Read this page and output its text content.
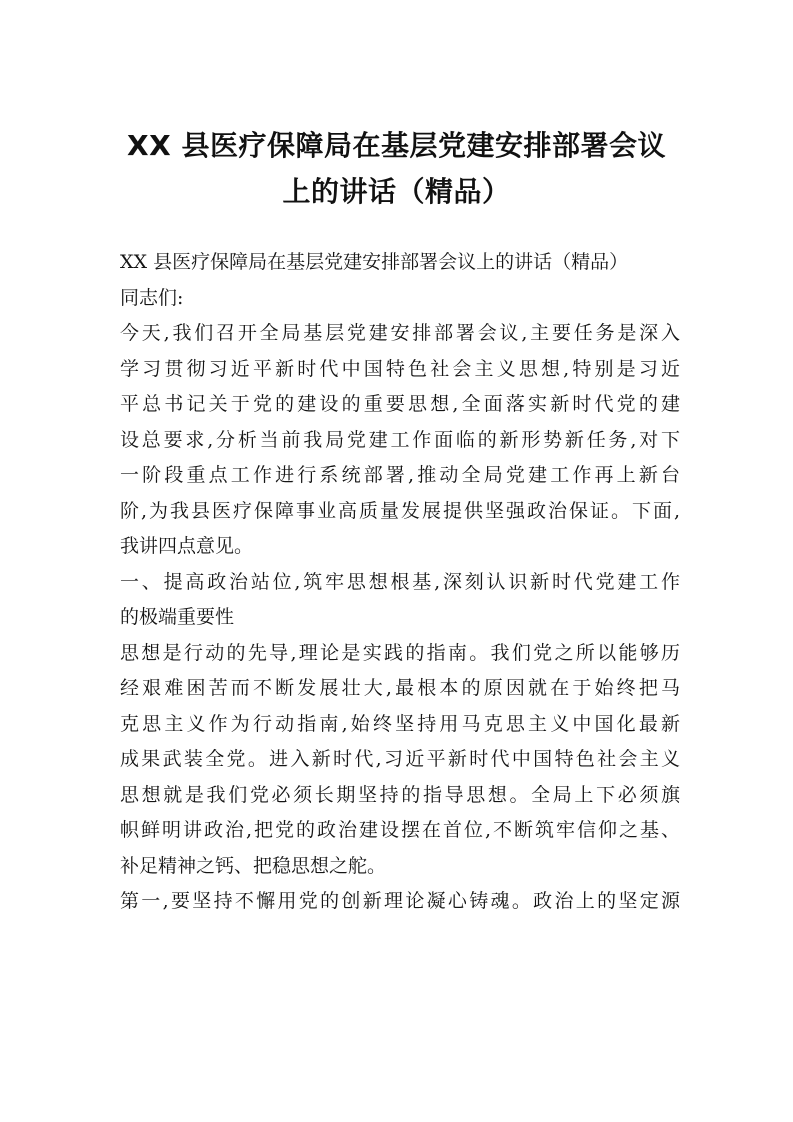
XX 县医疗保障局在基层党建安排部署会议
上的讲话（精品）
XX 县医疗保障局在基层党建安排部署会议上的讲话（精品）
同志们:
今天,我们召开全局基层党建安排部署会议,主要任务是深入
学习贯彻习近平新时代中国特色社会主义思想,特别是习近
平总书记关于党的建设的重要思想,全面落实新时代党的建
设总要求,分析当前我局党建工作面临的新形势新任务,对下
一阶段重点工作进行系统部署,推动全局党建工作再上新台
阶,为我县医疗保障事业高质量发展提供坚强政治保证。下面,
我讲四点意见。
一、提高政治站位,筑牢思想根基,深刻认识新时代党建工作
的极端重要性
思想是行动的先导,理论是实践的指南。我们党之所以能够历
经艰难困苦而不断发展壮大,最根本的原因就在于始终把马
克思主义作为行动指南,始终坚持用马克思主义中国化最新
成果武装全党。进入新时代,习近平新时代中国特色社会主义
思想就是我们党必须长期坚持的指导思想。全局上下必须旗
帜鲜明讲政治,把党的政治建设摆在首位,不断筑牢信仰之基、
补足精神之钙、把稳思想之舵。
第一,要坚持不懈用党的创新理论凝心铸魂。政治上的坚定源
